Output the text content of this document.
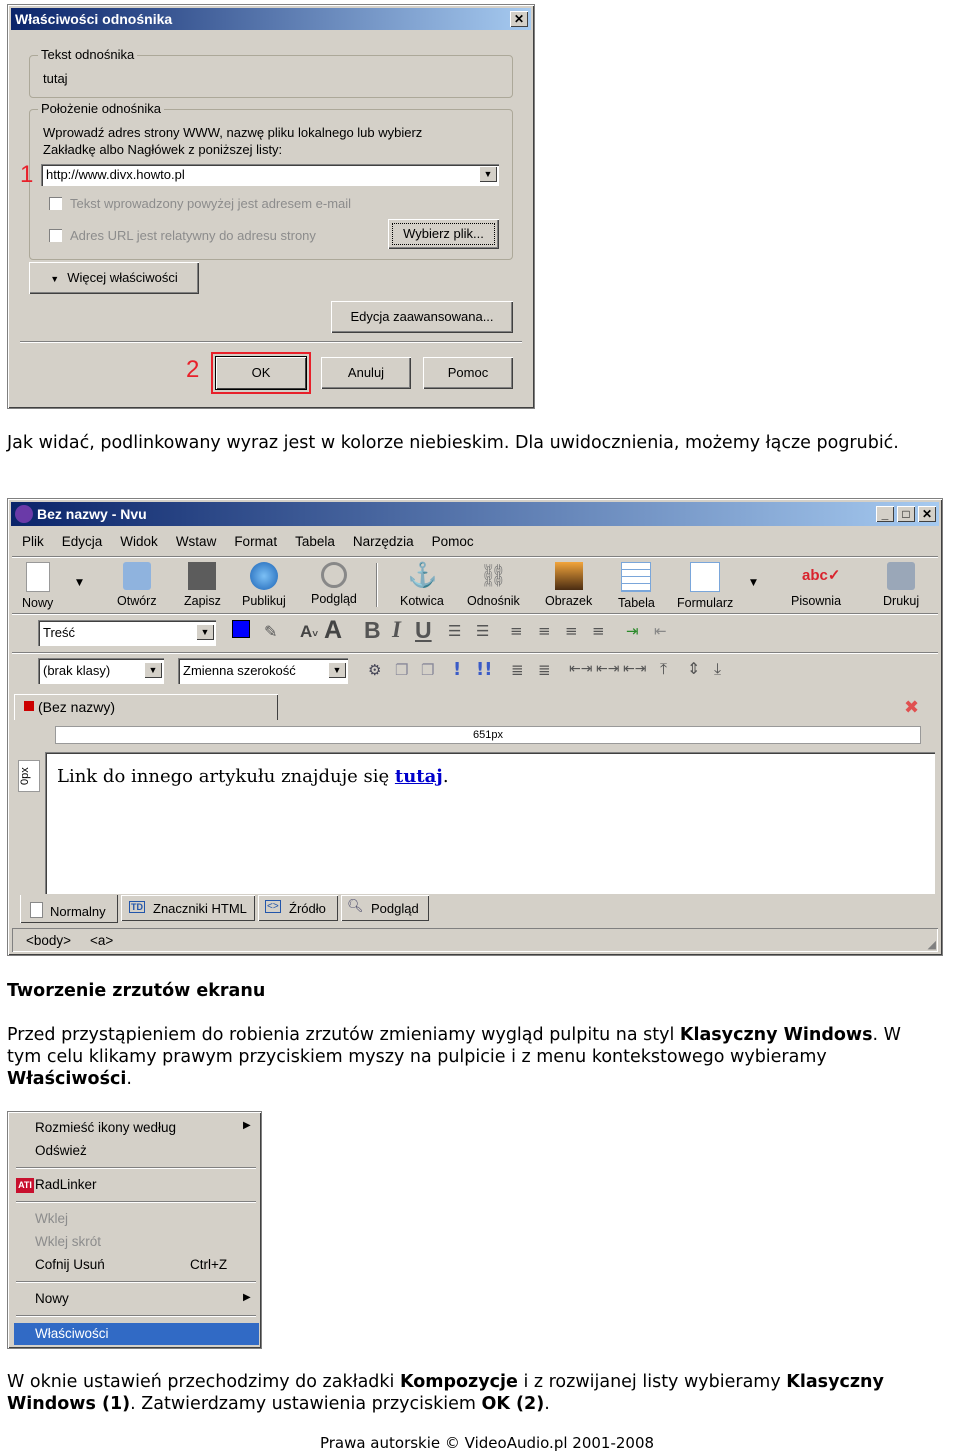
Właściwości odnośnika	✕
Tekst odnośnika
tutaj
Położenie odnośnika
Wprowadź adres strony WWW, nazwę pliku lokalnego lub wybierz
Zakładkę albo Nagłówek z poniższej listy:
1 http://www.divx.howto.pl	▼
Tekst wprowadzony powyżej jest adresem e-mail
Adres URL jest relatywny do adresu strony	Wybierz plik...
▼ Więcej właściwości
Edycja zaawansowana...
2	OK	Anuluj	Pomoc
Jak widać, podlinkowany wyraz jest w kolorze niebieskim. Dla uwidocznienia, możemy łącze pogrubić.
Bez nazwy - Nvu	_	□	✕
Plik Edycja Widok Wstaw Format Tabela Narzędzia Pomoc
Nowy
▼
Otwórz Zapisz Publikuj Podgląd
⚓
Kotwica
⛓
Odnośnik Obrazek Tabela Formularz
▼	abc✓
Pisownia	Drukuj
Treść	▼	✎ A˅ A B I U ☰ ☰ ≡ ≡ ≡ ≡ ⇥ ⇤
(brak klasy)	▼	Zmienna szerokość	▼	⚙ ❐ ❐ ! !! ≣ ≣ ⇤⇥ ⇤⇥ ⇤⇥ ⤒ ⇕ ⤓
(Bez nazwy)	✖
651px
0px	Link do innego artykułu znajduje się tutaj.
Normalny	TD Znaczniki HTML <> Źródło 🔍︎ Podgląd
<body> <a>	◢
Tworzenie zrzutów ekranu
Przed przystąpieniem do robienia zrzutów zmieniamy wygląd pulpitu na styl Klasyczny Windows. W
tym celu klikamy prawym przyciskiem myszy na pulpicie i z menu kontekstowego wybieramy
Właściwości.
Rozmieść ikony według	▶
Odśwież
ATI RadLinker
Wklej
Wklej skrót
Cofnij Usuń	Ctrl+Z
Nowy	▶
Właściwości
W oknie ustawień przechodzimy do zakładki Kompozycje i z rozwijanej listy wybieramy Klasyczny
Windows (1). Zatwierdzamy ustawienia przyciskiem OK (2).
Prawa autorskie © VideoAudio.pl 2001-2008
